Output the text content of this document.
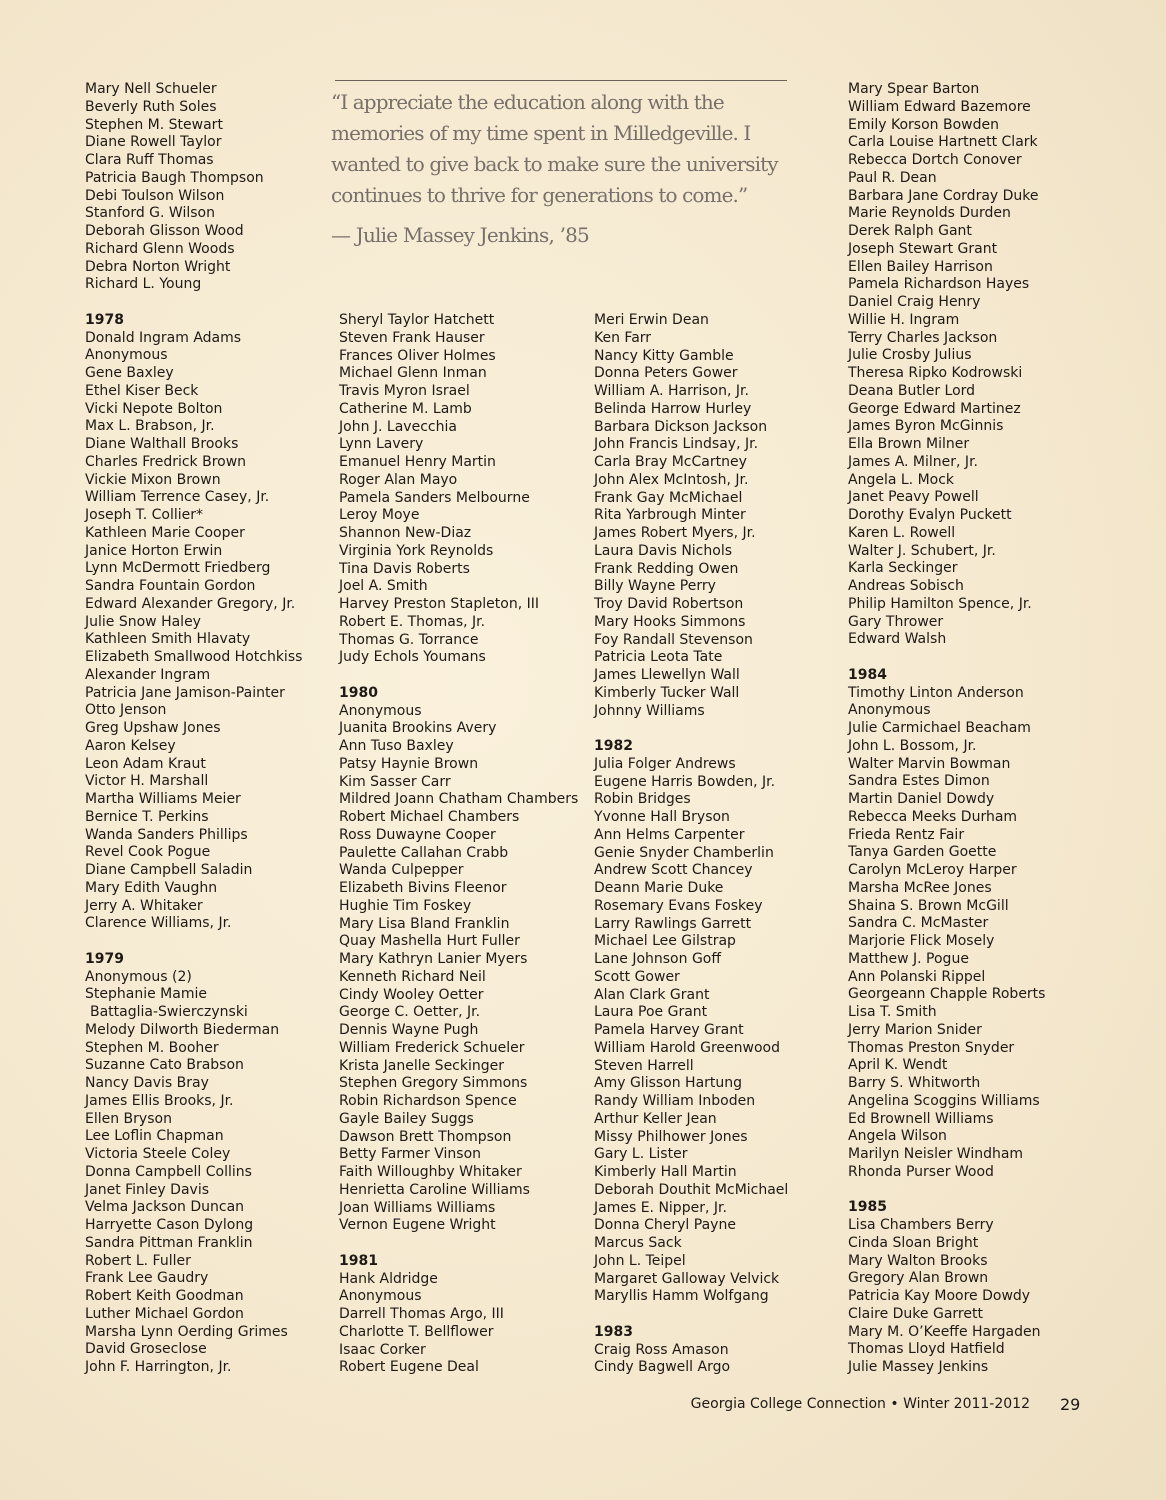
Mary Nell Schueler
Beverly Ruth Soles
Stephen M. Stewart
Diane Rowell Taylor
Clara Ruff Thomas
Patricia Baugh Thompson
Debi Toulson Wilson
Stanford G. Wilson
Deborah Glisson Wood
Richard Glenn Woods
Debra Norton Wright
Richard L. Young
1978
Donald Ingram Adams
Anonymous
Gene Baxley
Ethel Kiser Beck
Vicki Nepote Bolton
Max L. Brabson, Jr.
Diane Walthall Brooks
Charles Fredrick Brown
Vickie Mixon Brown
William Terrence Casey, Jr.
Joseph T. Collier*
Kathleen Marie Cooper
Janice Horton Erwin
Lynn McDermott Friedberg
Sandra Fountain Gordon
Edward Alexander Gregory, Jr.
Julie Snow Haley
Kathleen Smith Hlavaty
Elizabeth Smallwood Hotchkiss
Alexander Ingram
Patricia Jane Jamison-Painter
Otto Jenson
Greg Upshaw Jones
Aaron Kelsey
Leon Adam Kraut
Victor H. Marshall
Martha Williams Meier
Bernice T. Perkins
Wanda Sanders Phillips
Revel Cook Pogue
Diane Campbell Saladin
Mary Edith Vaughn
Jerry A. Whitaker
Clarence Williams, Jr.
1979
Anonymous (2)
Stephanie Mamie
Battaglia-Swierczynski
Melody Dilworth Biederman
Stephen M. Booher
Suzanne Cato Brabson
Nancy Davis Bray
James Ellis Brooks, Jr.
Ellen Bryson
Lee Loflin Chapman
Victoria Steele Coley
Donna Campbell Collins
Janet Finley Davis
Velma Jackson Duncan
Harryette Cason Dylong
Sandra Pittman Franklin
Robert L. Fuller
Frank Lee Gaudry
Robert Keith Goodman
Luther Michael Gordon
Marsha Lynn Oerding Grimes
David Groseclose
John F. Harrington, Jr.
Sheryl Taylor Hatchett
Steven Frank Hauser
Frances Oliver Holmes
Michael Glenn Inman
Travis Myron Israel
Catherine M. Lamb
John J. Lavecchia
Lynn Lavery
Emanuel Henry Martin
Roger Alan Mayo
Pamela Sanders Melbourne
Leroy Moye
Shannon New-Diaz
Virginia York Reynolds
Tina Davis Roberts
Joel A. Smith
Harvey Preston Stapleton, III
Robert E. Thomas, Jr.
Thomas G. Torrance
Judy Echols Youmans
1980
Anonymous
Juanita Brookins Avery
Ann Tuso Baxley
Patsy Haynie Brown
Kim Sasser Carr
Mildred Joann Chatham Chambers
Robert Michael Chambers
Ross Duwayne Cooper
Paulette Callahan Crabb
Wanda Culpepper
Elizabeth Bivins Fleenor
Hughie Tim Foskey
Mary Lisa Bland Franklin
Quay Mashella Hurt Fuller
Mary Kathryn Lanier Myers
Kenneth Richard Neil
Cindy Wooley Oetter
George C. Oetter, Jr.
Dennis Wayne Pugh
William Frederick Schueler
Krista Janelle Seckinger
Stephen Gregory Simmons
Robin Richardson Spence
Gayle Bailey Suggs
Dawson Brett Thompson
Betty Farmer Vinson
Faith Willoughby Whitaker
Henrietta Caroline Williams
Joan Williams Williams
Vernon Eugene Wright
1981
Hank Aldridge
Anonymous
Darrell Thomas Argo, III
Charlotte T. Bellflower
Isaac Corker
Robert Eugene Deal
Meri Erwin Dean
Ken Farr
Nancy Kitty Gamble
Donna Peters Gower
William A. Harrison, Jr.
Belinda Harrow Hurley
Barbara Dickson Jackson
John Francis Lindsay, Jr.
Carla Bray McCartney
John Alex McIntosh, Jr.
Frank Gay McMichael
Rita Yarbrough Minter
James Robert Myers, Jr.
Laura Davis Nichols
Frank Redding Owen
Billy Wayne Perry
Troy David Robertson
Mary Hooks Simmons
Foy Randall Stevenson
Patricia Leota Tate
James Llewellyn Wall
Kimberly Tucker Wall
Johnny Williams
1982
Julia Folger Andrews
Eugene Harris Bowden, Jr.
Robin Bridges
Yvonne Hall Bryson
Ann Helms Carpenter
Genie Snyder Chamberlin
Andrew Scott Chancey
Deann Marie Duke
Rosemary Evans Foskey
Larry Rawlings Garrett
Michael Lee Gilstrap
Lane Johnson Goff
Scott Gower
Alan Clark Grant
Laura Poe Grant
Pamela Harvey Grant
William Harold Greenwood
Steven Harrell
Amy Glisson Hartung
Randy William Inboden
Arthur Keller Jean
Missy Philhower Jones
Gary L. Lister
Kimberly Hall Martin
Deborah Douthit McMichael
James E. Nipper, Jr.
Donna Cheryl Payne
Marcus Sack
John L. Teipel
Margaret Galloway Velvick
Maryllis Hamm Wolfgang
1983
Craig Ross Amason
Cindy Bagwell Argo
Mary Spear Barton
William Edward Bazemore
Emily Korson Bowden
Carla Louise Hartnett Clark
Rebecca Dortch Conover
Paul R. Dean
Barbara Jane Cordray Duke
Marie Reynolds Durden
Derek Ralph Gant
Joseph Stewart Grant
Ellen Bailey Harrison
Pamela Richardson Hayes
Daniel Craig Henry
Willie H. Ingram
Terry Charles Jackson
Julie Crosby Julius
Theresa Ripko Kodrowski
Deana Butler Lord
George Edward Martinez
James Byron McGinnis
Ella Brown Milner
James A. Milner, Jr.
Angela L. Mock
Janet Peavy Powell
Dorothy Evalyn Puckett
Karen L. Rowell
Walter J. Schubert, Jr.
Karla Seckinger
Andreas Sobisch
Philip Hamilton Spence, Jr.
Gary Thrower
Edward Walsh
1984
Timothy Linton Anderson
Anonymous
Julie Carmichael Beacham
John L. Bossom, Jr.
Walter Marvin Bowman
Sandra Estes Dimon
Martin Daniel Dowdy
Rebecca Meeks Durham
Frieda Rentz Fair
Tanya Garden Goette
Carolyn McLeroy Harper
Marsha McRee Jones
Shaina S. Brown McGill
Sandra C. McMaster
Marjorie Flick Mosely
Matthew J. Pogue
Ann Polanski Rippel
Georgeann Chapple Roberts
Lisa T. Smith
Jerry Marion Snider
Thomas Preston Snyder
April K. Wendt
Barry S. Whitworth
Angelina Scoggins Williams
Ed Brownell Williams
Angela Wilson
Marilyn Neisler Windham
Rhonda Purser Wood
1985
Lisa Chambers Berry
Cinda Sloan Bright
Mary Walton Brooks
Gregory Alan Brown
Patricia Kay Moore Dowdy
Claire Duke Garrett
Mary M. O’Keeffe Hargaden
Thomas Lloyd Hatfield
Julie Massey Jenkins
“I appreciate the education along with the memories of my time spent in Milledgeville. I wanted to give back to make sure the university continues to thrive for generations to come.”
— Julie Massey Jenkins, ’85
Georgia College Connection • Winter 2011-2012 29
